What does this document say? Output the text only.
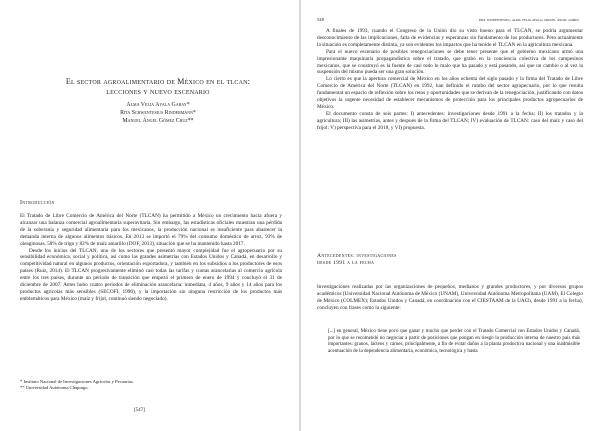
El sector agroalimentario de México en el tlcan:
lecciones y nuevo escenario
Alma Velia Ayala Garay*
Rita Schwentesius Rindermann*
Manuel Ángel Gómez Cruz**
Introducción

El Tratado de Libre Comercio de América del Norte (TLCAN) ha permitido a México un crecimiento hacia afuera y alcanzar una balanza comercial agroalimentaria superavitaria. Sin embargo, las estadísticas oficiales muestran una pérdida de la soberanía y seguridad alimentaria para los mexicanos, la producción nacional es insuficiente para abastecer la demanda interna de algunos alimentos básicos. En 2013 se importó el 79% del consumo doméstico de arroz, 93% de oleaginosas, 58% de trigo y 82% de maíz amarillo (DOF, 2013), situación que se ha mantenido hasta 2017.

Desde los inicios del TLCAN, uno de los sectores que presentó mayor complejidad fue el agropecuario por su sensibilidad económica, social y política, así como las grandes asimetrías con Estados Unidos y Canadá, en desarrollo y competitividad natural en algunos productos, orientación exportadora, y también en los subsidios a los productores de esos países (Ruiz, 2014). El TLCAN progresivamente eliminó casi todas las tarifas y cuotas arancelarias al comercio agrícola entre los tres países, durante un periodo de transición que empezó el primero de enero de 1994 y concluyó el 31 de diciembre de 2007. Antes hubo cuatro periodos de eliminación arancelaria: inmediata, 4 años, 9 años y 14 años para los productos agrícolas más sensibles (SECOFI, 1996), y la importación sin ninguna restricción de los productos más emblemáticos para México (maíz y frijol, continuó siendo negociado).

* Instituto Nacional de Investigaciones Agrícolas y Pecuarias.

** Universidad Autónoma Chapingo.

[547]
548	rita schwentesius, alma velia ayala, miguel ángel gómez

A finales de 1993, cuando el Congreso de la Unión dio su visto bueno para el TLCAN, se podría argumentar desconocimiento de las implicaciones, falta de evidencias y esperanzas sin fundamento de los productores. Pero actualmente la situación es completamente distinta, ya son evidentes los impactos que ha tenido el TLCAN en la agricultura mexicana.

Para el nuevo escenario de posibles renegociaciones se debe tener presente que el gobierno mexicano armó una impresionante maquinaria propagandística sobre el tratado, que grabó en la conciencia colectiva de los campesinos mexicanos, que se construyó es la fuente de casi todo lo malo que ha pasado y está pasando, así que un cambio o al vez la suspensión del mismo pueda ser una gran solución.

Lo cierto es que la apertura comercial de México en los años ochenta del siglo pasado y la firma del Tratado de Libre Comercio de América del Norte (TLCAN) en 1992, han definido el rumbo del sector agropecuario, por lo que resulta fundamental un espacio de reflexión sobre los retos y oportunidades que se derivan de la renegociación, justificando con datos objetivos la urgente necesidad de establecer mecanismos de protección para los principales productos agropecuarios de México.

El documento consta de seis partes: I) antecedentes: investigaciones desde 1991 a la fecha; II) los tratados y la agricultura; III) las asimetrías, antes y después de la firma del TLCAN; IV) evaluación de TLCAN: caso del maíz y caso del frijol; V) perspectiva para el 2018, y VI) propuesta.

Antecedentes: investigaciones
desde 1991 a la fecha

Investigaciones realizadas por las organizaciones de pequeños, medianos y grandes productores, y por diversos grupos académicos (Universidad Nacional Autónoma de México (UNAM), Universidad Autónoma Metropolitana (UAM), El Colegio de México (COLMEX); Estados Unidos y Canadá, en coordinación con el CIESTAAM de la UACh, desde 1991 a la fecha), concluyen con frases como la siguiente:

[...] en general, México tiene poco que ganar y mucho que perder con el Tratado Comercial con Estados Unidos y Canadá, por lo que se recomendó no negociar a partir de posiciones que pongan en riesgo la producción interna de nuestro país más importantes: granos, lácteos y carnes, principalmente, a fin de evitar daños a la planta productiva nacional y una inadmisible acentuación de la dependencia alimentaria, económica, tecnológica y hasta
